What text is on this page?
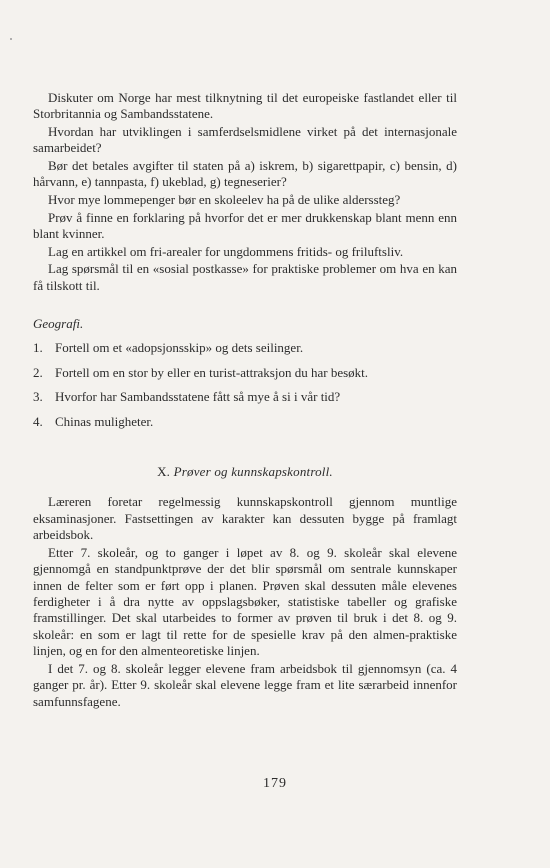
Diskuter om Norge har mest tilknytning til det europeiske fastlandet eller til Storbritannia og Sambandsstatene.

Hvordan har utviklingen i samferdselsmidlene virket på det internasjonale samarbeidet?

Bør det betales avgifter til staten på a) iskrem, b) sigarettpapir, c) bensin, d) hårvann, e) tannpasta, f) ukeblad, g) tegneserier?

Hvor mye lommepenger bør en skoleelev ha på de ulike alderssteg?

Prøv å finne en forklaring på hvorfor det er mer drukkenskap blant menn enn blant kvinner.

Lag en artikkel om fri-arealer for ungdommens fritids- og friluftsliv.

Lag spørsmål til en «sosial postkasse» for praktiske problemer om hva en kan få tilskott til.

Geografi.

1. Fortell om et «adopsjonsskip» og dets seilinger.
2. Fortell om en stor by eller en turist-attraksjon du har besøkt.
3. Hvorfor har Sambandsstatene fått så mye å si i vår tid?
4. Chinas muligheter.
X. Prøver og kunnskapskontroll.

Læreren foretar regelmessig kunnskapskontroll gjennom muntlige eksaminasjoner. Fastsettingen av karakter kan dessuten bygge på framlagt arbeidsbok.

Etter 7. skoleår, og to ganger i løpet av 8. og 9. skoleår skal elevene gjennomgå en standpunktprøve der det blir spørsmål om sentrale kunnskaper innen de felter som er ført opp i planen. Prøven skal dessuten måle elevenes ferdigheter i å dra nytte av oppslagsbøker, statistiske tabeller og grafiske framstillinger. Det skal utarbeides to former av prøven til bruk i det 8. og 9. skoleår: en som er lagt til rette for de spesielle krav på den almen-praktiske linjen, og en for den almenteoretiske linjen.

I det 7. og 8. skoleår legger elevene fram arbeidsbok til gjennomsyn (ca. 4 ganger pr. år). Etter 9. skoleår skal elevene legge fram et lite særarbeid innenfor samfunnsfagene.

179
